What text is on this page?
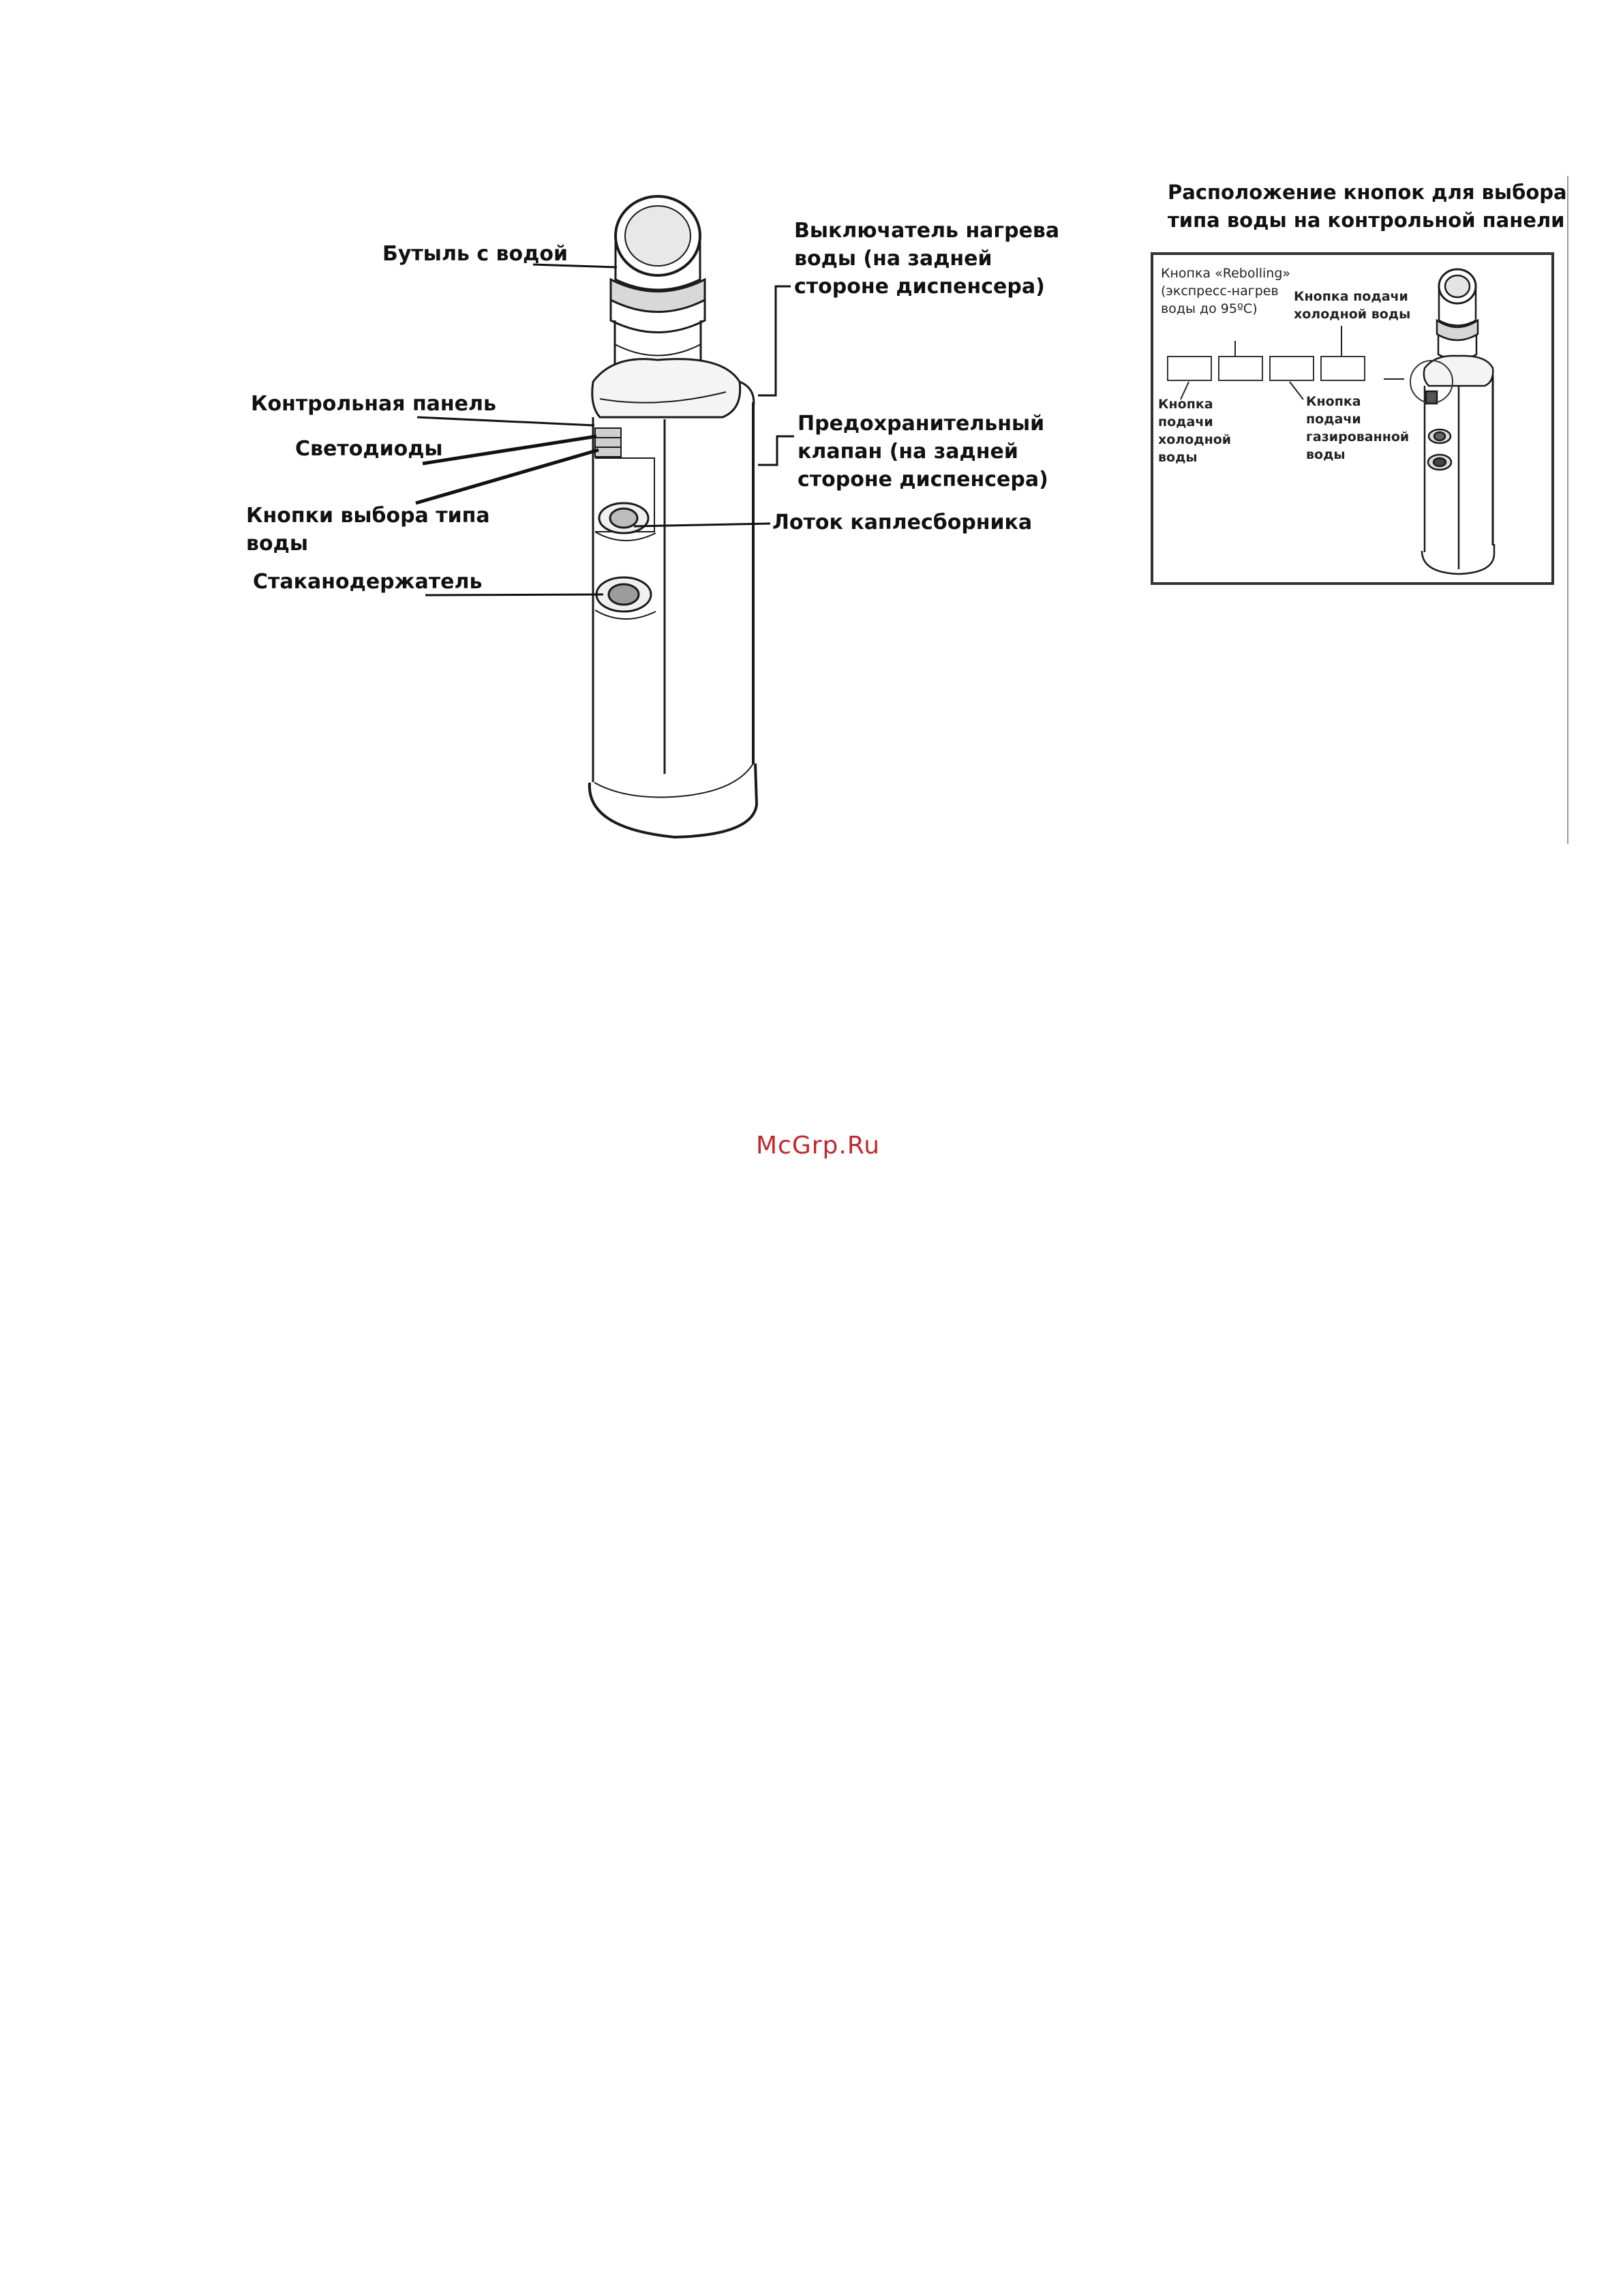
Бутыль с водой
Выключатель нагрева
воды (на задней
стороне диспенсера)
Контрольная панель
Светодиоды
Кнопки выбора типа
воды
Предохранительный
клапан (на задней
стороне диспенсера)
Лоток каплесборника
Стаканодержатель
Расположение кнопок для выбора
типа воды на контрольной панели
Кнопка «Rebolling»
(экспресс-нагрев
воды до 95ºС)
Кнопка подачи
холодной воды
Кнопка
подачи
холодной
воды
Кнопка
подачи
газированной
воды
McGrp.Ru
